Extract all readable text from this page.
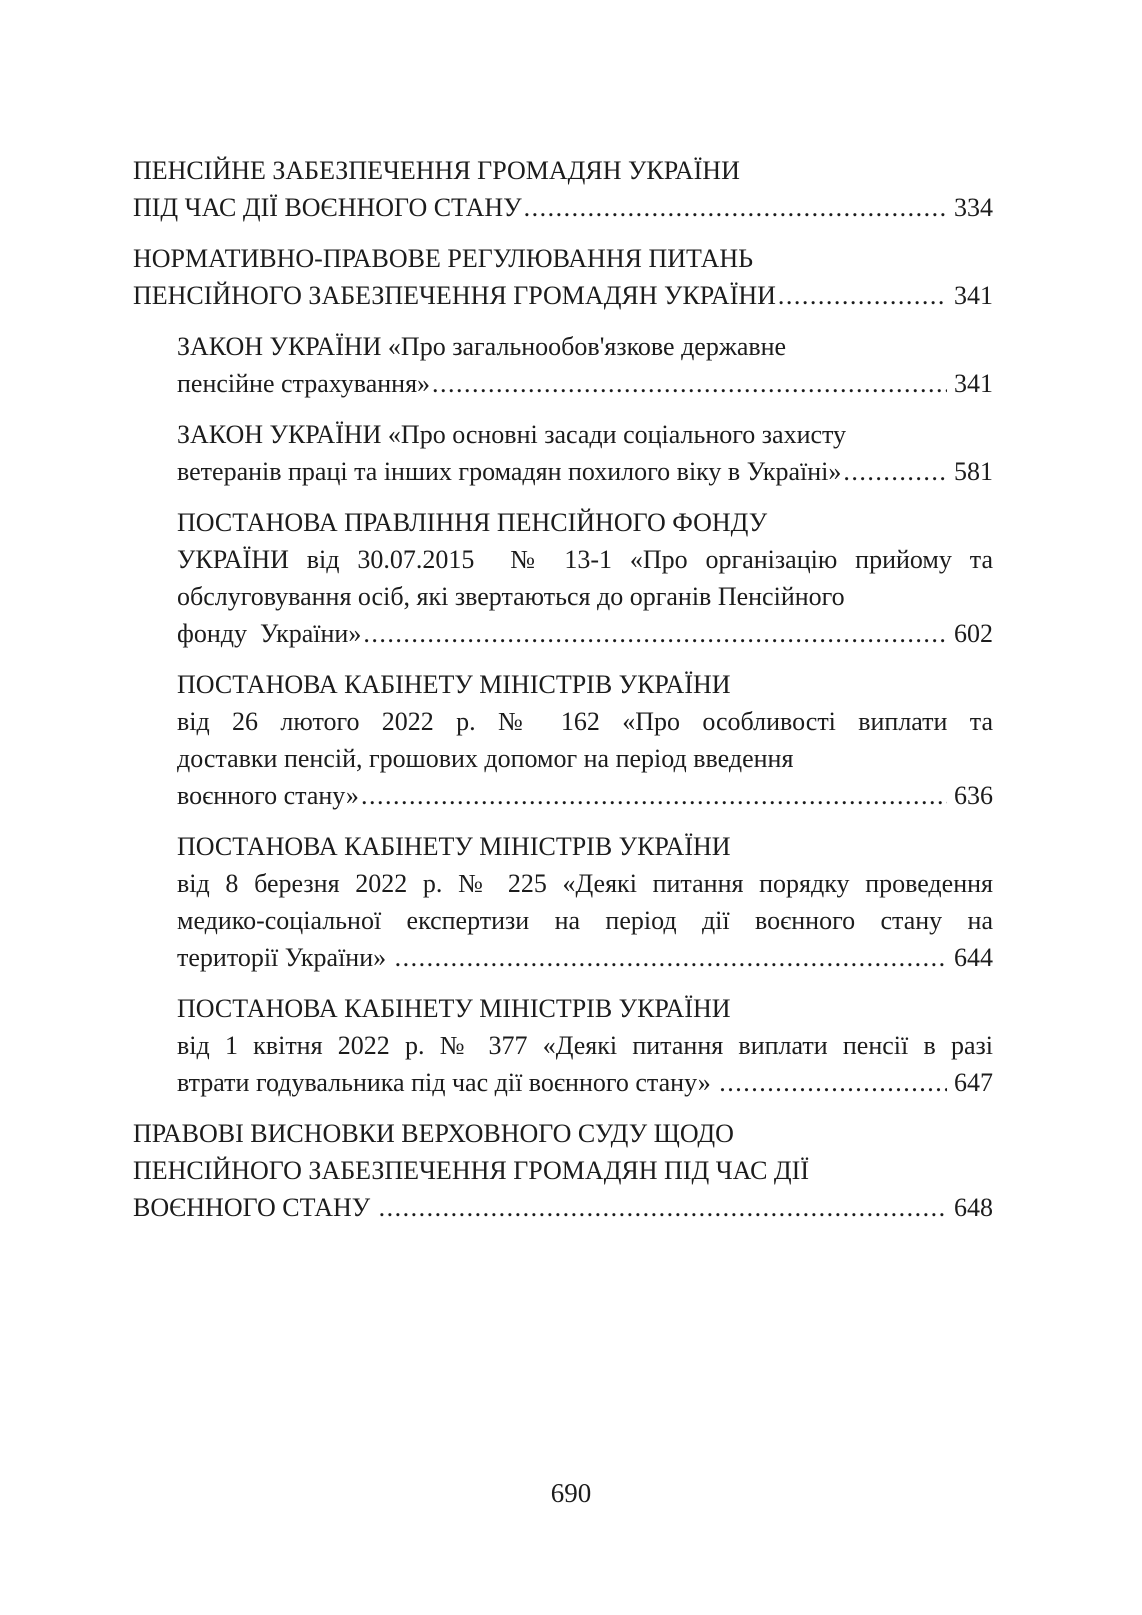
ПЕНСІЙНЕ ЗАБЕЗПЕЧЕННЯ ГРОМАДЯН УКРАЇНИ
ПІД ЧАС ДІЇ ВОЄННОГО СТАНУ .....	334
НОРМАТИВНО-ПРАВОВЕ РЕГУЛЮВАННЯ ПИТАНЬ
ПЕНСІЙНОГО ЗАБЕЗПЕЧЕННЯ ГРОМАДЯН УКРАЇНИ .....	341
ЗАКОН УКРАЇНИ «Про загальнообов'язкове державне
пенсійне страхування» .....	341
ЗАКОН УКРАЇНИ «Про основні засади соціального захисту
ветеранів праці та інших громадян похилого віку в Україні» .....	581
ПОСТАНОВА ПРАВЛІННЯ ПЕНСІЙНОГО ФОНДУ
УКРАЇНИ від 30.07.2015  № 13-1 «Про організацію прийому та
обслуговування осіб, які звертаються до органів Пенсійного
фонду  України» .....	602
ПОСТАНОВА КАБІНЕТУ МІНІСТРІВ УКРАЇНИ
від 26 лютого 2022 р. № 162 «Про особливості виплати та
доставки пенсій, грошових допомог на період введення
воєнного стану» .....	636
ПОСТАНОВА КАБІНЕТУ МІНІСТРІВ УКРАЇНИ
від 8 березня 2022 р. № 225 «Деякі питання порядку проведення
медико-соціальної експертизи на період дії воєнного стану на
території України» .....	644
ПОСТАНОВА КАБІНЕТУ МІНІСТРІВ УКРАЇНИ
від 1 квітня 2022 р. № 377 «Деякі питання виплати пенсії в разі
втрати годувальника під час дії воєнного стану» .....	647
ПРАВОВІ ВИСНОВКИ ВЕРХОВНОГО СУДУ ЩОДО
ПЕНСІЙНОГО ЗАБЕЗПЕЧЕННЯ ГРОМАДЯН ПІД ЧАС ДІЇ
ВОЄННОГО СТАНУ .....	648
690
